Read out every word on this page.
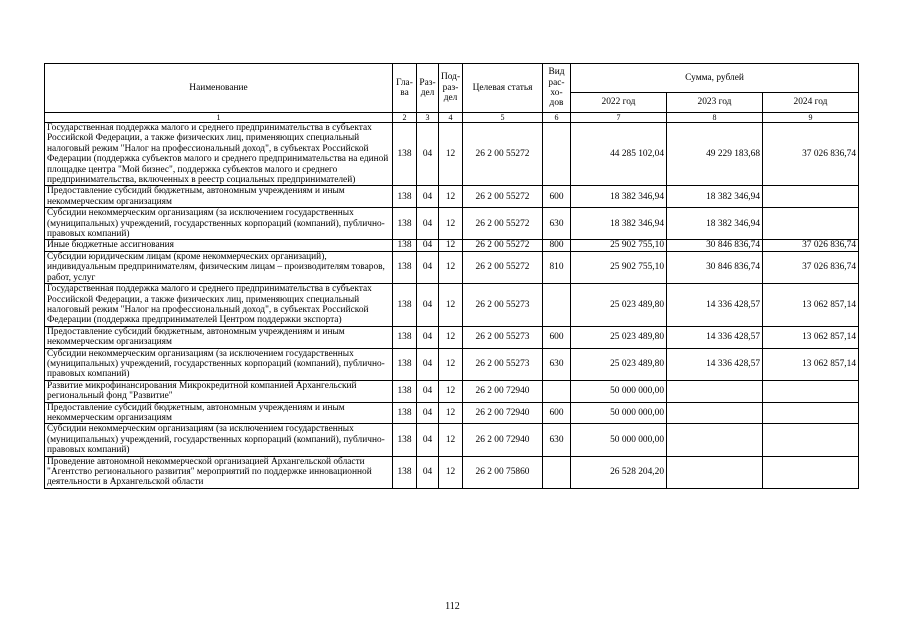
Наименование	Гла-ва	Раз-дел	Под-раз-дел	Целевая статья	Вид рас-хо-дов	Сумма, рублей		
						2022 год	2023 год	2024 год
1	2	3	4	5	6	7	8	9
Государственная поддержка малого и среднего предпринимательства в субъектах Российской Федерации, а также физических лиц, применяющих специальный налоговый режим "Налог на профессиональный доход", в субъектах Российской Федерации (поддержка субъектов малого и среднего предпринимательства на единой площадке центра "Мой бизнес", поддержка субъектов малого и среднего предпринимательства, включенных в реестр социальных предпринимателей)	138	04	12	26 2 00 55272		44 285 102,04	49 229 183,68	37 026 836,74
Предоставление субсидий бюджетным, автономным учреждениям и иным некоммерческим организациям	138	04	12	26 2 00 55272	600	18 382 346,94	18 382 346,94	
Субсидии некоммерческим организациям (за исключением государственных (муниципальных) учреждений, государственных корпораций (компаний), публично-правовых компаний)	138	04	12	26 2 00 55272	630	18 382 346,94	18 382 346,94	
Иные бюджетные ассигнования	138	04	12	26 2 00 55272	800	25 902 755,10	30 846 836,74	37 026 836,74
Субсидии юридическим лицам (кроме некоммерческих организаций), индивидуальным предпринимателям, физическим лицам – производителям товаров, работ, услуг	138	04	12	26 2 00 55272	810	25 902 755,10	30 846 836,74	37 026 836,74
Государственная поддержка малого и среднего предпринимательства в субъектах Российской Федерации, а также физических лиц, применяющих специальный налоговый режим "Налог на профессиональный доход", в субъектах Российской Федерации (поддержка предпринимателей Центром поддержки экспорта)	138	04	12	26 2 00 55273		25 023 489,80	14 336 428,57	13 062 857,14
Предоставление субсидий бюджетным, автономным учреждениям и иным некоммерческим организациям	138	04	12	26 2 00 55273	600	25 023 489,80	14 336 428,57	13 062 857,14
Субсидии некоммерческим организациям (за исключением государственных (муниципальных) учреждений, государственных корпораций (компаний), публично-правовых компаний)	138	04	12	26 2 00 55273	630	25 023 489,80	14 336 428,57	13 062 857,14
Развитие микрофинансирования Микрокредитной компанией Архангельский региональный фонд "Развитие"	138	04	12	26 2 00 72940		50 000 000,00		
Предоставление субсидий бюджетным, автономным учреждениям и иным некоммерческим организациям	138	04	12	26 2 00 72940	600	50 000 000,00		
Субсидии некоммерческим организациям (за исключением государственных (муниципальных) учреждений, государственных корпораций (компаний), публично-правовых компаний)	138	04	12	26 2 00 72940	630	50 000 000,00		
Проведение автономной некоммерческой организацией Архангельской области "Агентство регионального развития" мероприятий по поддержке инновационной деятельности в Архангельской области	138	04	12	26 2 00 75860		26 528 204,20		
112
